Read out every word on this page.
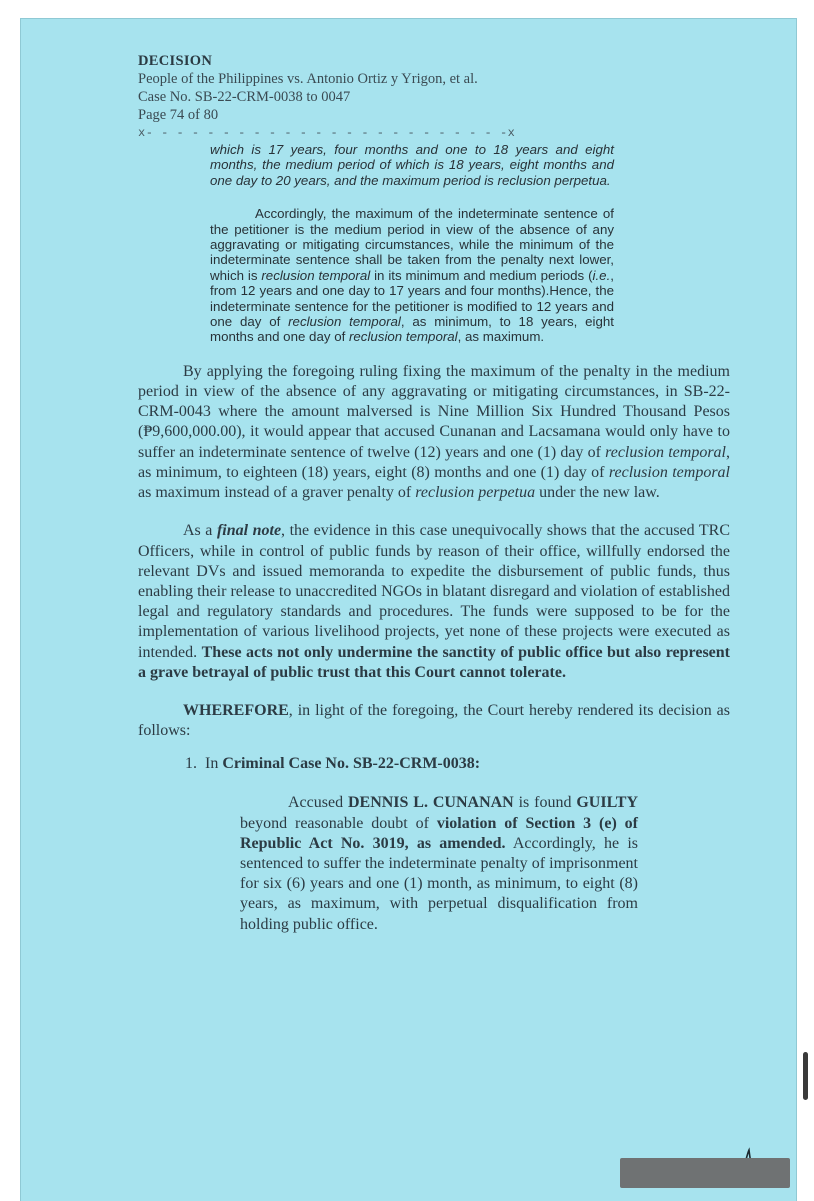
DECISION
People of the Philippines vs. Antonio Ortiz y Yrigon, et al.
Case No. SB-22-CRM-0038 to 0047
Page 74 of 80
x- - - - - - - - - - - - - - - - - - - - - - - -x

which is 17 years, four months and one to 18 years and eight months, the medium period of which is 18 years, eight months and one day to 20 years, and the maximum period is reclusion perpetua.

Accordingly, the maximum of the indeterminate sentence of the petitioner is the medium period in view of the absence of any aggravating or mitigating circumstances, while the minimum of the indeterminate sentence shall be taken from the penalty next lower, which is reclusion temporal in its minimum and medium periods (i.e., from 12 years and one day to 17 years and four months).Hence, the indeterminate sentence for the petitioner is modified to 12 years and one day of reclusion temporal, as minimum, to 18 years, eight months and one day of reclusion temporal, as maximum.

By applying the foregoing ruling fixing the maximum of the penalty in the medium period in view of the absence of any aggravating or mitigating circumstances, in SB-22-CRM-0043 where the amount malversed is Nine Million Six Hundred Thousand Pesos (₱9,600,000.00), it would appear that accused Cunanan and Lacsamana would only have to suffer an indeterminate sentence of twelve (12) years and one (1) day of reclusion temporal, as minimum, to eighteen (18) years, eight (8) months and one (1) day of reclusion temporal as maximum instead of a graver penalty of reclusion perpetua under the new law.

As a final note, the evidence in this case unequivocally shows that the accused TRC Officers, while in control of public funds by reason of their office, willfully endorsed the relevant DVs and issued memoranda to expedite the disbursement of public funds, thus enabling their release to unaccredited NGOs in blatant disregard and violation of established legal and regulatory standards and procedures. The funds were supposed to be for the implementation of various livelihood projects, yet none of these projects were executed as intended. These acts not only undermine the sanctity of public office but also represent a grave betrayal of public trust that this Court cannot tolerate.

WHEREFORE, in light of the foregoing, the Court hereby rendered its decision as follows:

1. In Criminal Case No. SB-22-CRM-0038:

Accused DENNIS L. CUNANAN is found GUILTY beyond reasonable doubt of violation of Section 3 (e) of Republic Act No. 3019, as amended. Accordingly, he is sentenced to suffer the indeterminate penalty of imprisonment for six (6) years and one (1) month, as minimum, to eight (8) years, as maximum, with perpetual disqualification from holding public office.
